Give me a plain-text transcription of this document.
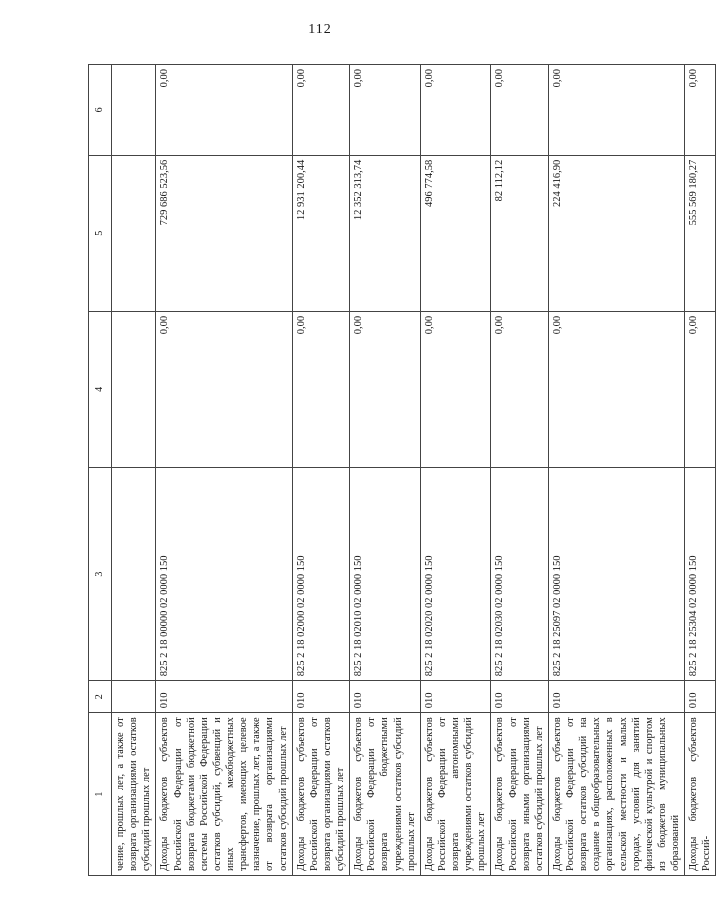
112
1	2	3	4	5	6
чение, прошлых лет, а также от возврата организациями остатков субсидий прошлых лет					
Доходы бюджетов субъектов Российской Федерации от возврата бюджетами бюджетной системы Российской Федерации остатков субсидий, субвенций и иных межбюджетных трансфертов, имеющих целевое назначение, прошлых лет, а также от возврата организациями остатков субсидий прошлых лет	010	825 2 18 00000 02 0000 150	0,00	729 686 523,56	0,00
Доходы бюджетов субъектов Российской Федерации от возврата организациями остатков субсидий прошлых лет	010	825 2 18 02000 02 0000 150	0,00	12 931 200,44	0,00
Доходы бюджетов субъектов Российской Федерации от возврата бюджетными учреждениями остатков субсидий прошлых лет	010	825 2 18 02010 02 0000 150	0,00	12 352 313,74	0,00
Доходы бюджетов субъектов Российской Федерации от возврата автономными учреждениями остатков субсидий прошлых лет	010	825 2 18 02020 02 0000 150	0,00	496 774,58	0,00
Доходы бюджетов субъектов Российской Федерации от возврата иными организациями остатков субсидий прошлых лет	010	825 2 18 02030 02 0000 150	0,00	82 112,12	0,00
Доходы бюджетов субъектов Российской Федерации от возврата остатков субсидий на создание в общеобразовательных организациях, расположенных в сельской местности и малых городах, условий для занятий физической культурой и спортом из бюджетов муниципальных образований	010	825 2 18 25097 02 0000 150	0,00	224 416,90	0,00
Доходы бюджетов субъектов Россий-	010	825 2 18 25304 02 0000 150	0,00	555 569 180,27	0,00
